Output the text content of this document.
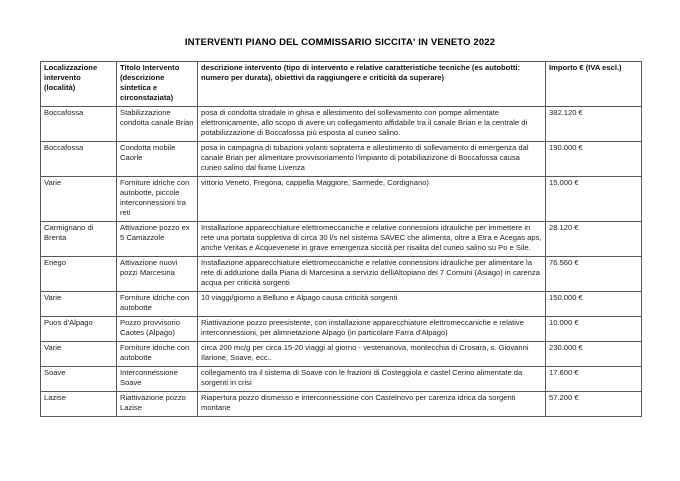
INTERVENTI PIANO DEL COMMISSARIO SICCITA' IN VENETO 2022

Localizzazione intervento (località)	Titolo Intervento (descrizione sintetica e circonstaziata)	descrizione intervento (tipo di intervento e relative caratteristiche tecniche (es autobotti: numero per durata), obiettivi da raggiungere e criticità da superare)	Importo € (IVA escl.)
Boccafossa	Stabilizzazione condotta canale Brian	posa di condotta stradale in ghisa e allestimento del sollevamento con pompe alimentate elettronicamente, allo scopo di avere un collegamento affidabile tra il canale Brian e la centrale di potabilizzazione di Boccafossa più esposta al cuneo salino.	382.120 €
Boccafossa	Condotta mobile Caorle	posa in campagna di tubazioni volanti sopraterra e allestimento di sollevamento di emergenza dal canale Brian per alimentare provvisoriamento l'impianto di potabiliazizone di Boccafossa causa cuneo salino dal fiume Livenza	190.000 €
Varie	Forniture idriche con autobotte, piccole interconnessioni tra reti	vittorio Veneto, Fregona, cappella Maggiore, Sarmede, Cordignano)	15.000 €
Carmignano di Brenta	Attivazione pozzo ex 5 Camazzole	Installazione apparecchiature elettromeccaniche e relative connessioni idrauliche per immettere in rete una portata suppletiva di circa 30 l/s nel sistema SAVEC che alimenta, oltre a Etra e Acegas aps, anche Veritas e Acquevenete in grave emergenza siccità per risalita del cuneo salino su Po e Sile.	28.120 €
Enego	Attivazione nuovi pozzi Marcesina	Installazione apparecchiature elettromeccaniche e relative connessioni idrauliche per alimentare la rete di adduzione dalla Piana di Marcesina a servizio delliAltopiano dei 7 Comuni (Asiago) in carenza acqua per criticità sorgenti	76.560 €
Varie	Forniture idriche con autobotte	10 viaggi/giorno a Belluno e Alpago causa criticità sorgenti	150.000 €
Puos d'Alpago	Pozzo provvisorio Caotes (Alpago)	Riattivazione pozzo preesistente, con installazione apparecchiature elettromeccaniche e relative interconnessioni, per alimnetazione Alpago (in particolare Farra d'Alpago)	10.000 €
Varie	Forniture idriche con autobotte	circa 200 mc/g per circa 15-20 viaggi al giorno - vestenanova, montecchia di Crosara, s. Giovanni Ilarione, Soave, ecc..	230.000 €
Soave	Interconnessione Soave	collegamento tra il sistema di Soave con le frazioni di Costeggiola e castel Cerino alimentate da sorgenti in crisi	17.600 €
Lazise	Riattivazione pozzo Lazise	Riapertura pozzo dismesso e interconnessione con Castelnovo per carenza idrica da sorgenti montane	57.200 €
